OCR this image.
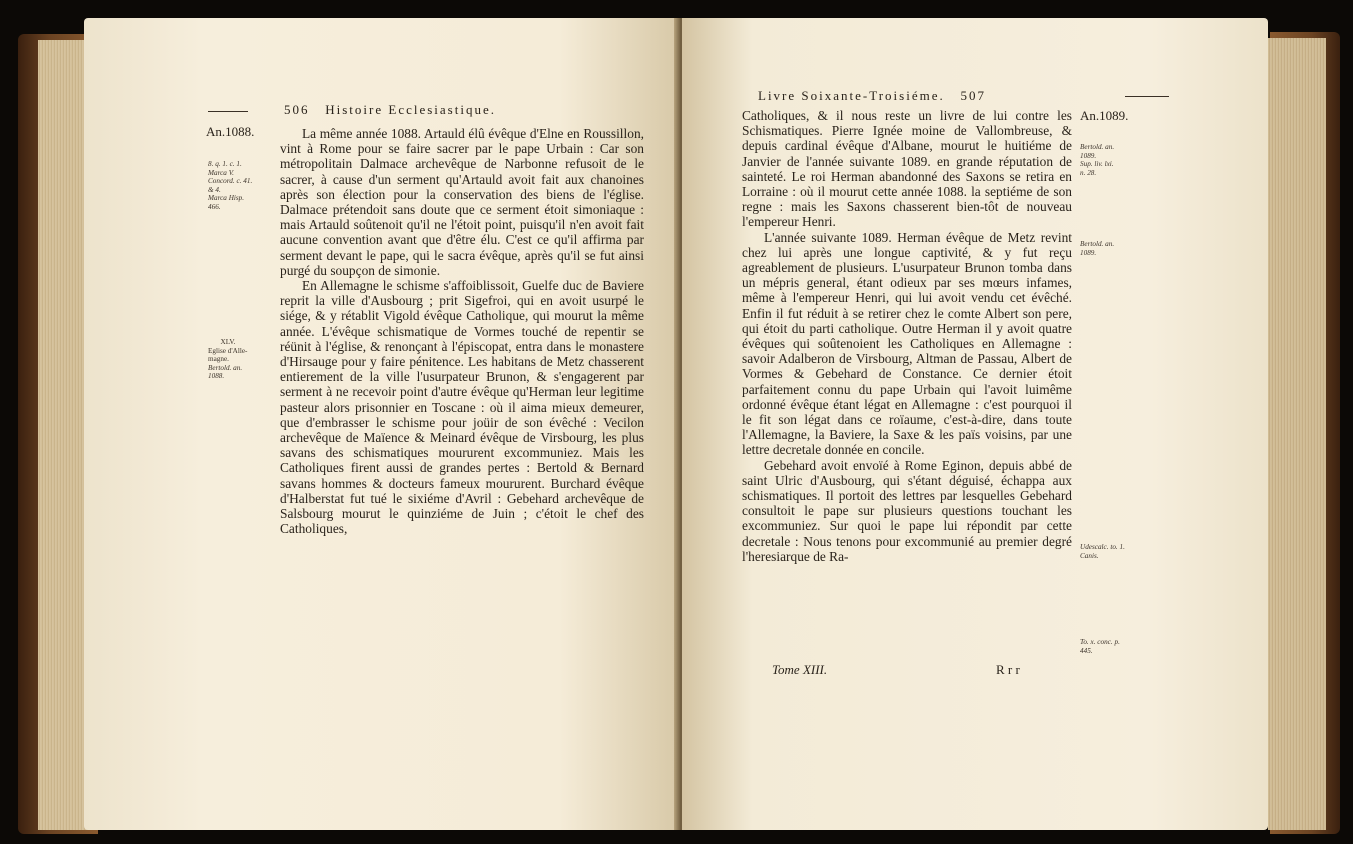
506 Histoire Ecclesiastique.
An.1088.
8. q. 1. c. 1.
Marca V.
Concord. c. 41.
& 4.
Marca Hisp.
466.
XLV.
Eglise d'Alle-
magne.
Bertold. an.
1088.

La même année 1088. Artauld élû évêque d'Elne en Roussillon, vint à Rome pour se faire sacrer par le pape Urbain : Car son métropolitain Dalmace archevêque de Narbonne refusoit de le sacrer, à cause d'un serment qu'Artauld avoit fait aux chanoines après son élection pour la conservation des biens de l'église. Dalmace prétendoit sans doute que ce serment étoit simoniaque : mais Artauld soûtenoit qu'il ne l'étoit point, puisqu'il n'en avoit fait aucune convention avant que d'être élu. C'est ce qu'il affirma par serment devant le pape, qui le sacra évêque, après qu'il se fut ainsi purgé du soupçon de simonie.

En Allemagne le schisme s'affoiblissoit, Guelfe duc de Baviere reprit la ville d'Ausbourg ; prit Sigefroi, qui en avoit usurpé le siége, & y rétablit Vigold évêque Catholique, qui mourut la même année. L'évêque schismatique de Vormes touché de repentir se réünit à l'église, & renonçant à l'épiscopat, entra dans le monastere d'Hirsauge pour y faire pénitence. Les habitans de Metz chasserent entierement de la ville l'usurpateur Brunon, & s'engagerent par serment à ne recevoir point d'autre évêque qu'Herman leur legitime pasteur alors prisonnier en Toscane : où il aima mieux demeurer, que d'embrasser le schisme pour joüir de son évêché : Vecilon archevêque de Maïence & Meinard évêque de Virsbourg, les plus savans des schismatiques moururent excommuniez. Mais les Catholiques firent aussi de grandes pertes : Bertold & Bernard savans hommes & docteurs fameux moururent. Burchard évêque d'Halberstat fut tué le sixiéme d'Avril : Gebehard archevêque de Salsbourg mourut le quinziéme de Juin ; c'étoit le chef des Catholiques,

Livre Soixante-Troisiéme. 507
An.1089.
Bertold. an.
1089.
Sup. liv. lxi.
n. 28.
Bertold. an.
1089.
Udescalc. to. 1.
Canis.
To. x. conc. p.
445.

Catholiques, & il nous reste un livre de lui contre les Schismatiques. Pierre Ignée moine de Vallombreuse, & depuis cardinal évêque d'Albane, mourut le huitiéme de Janvier de l'année suivante 1089. en grande réputation de sainteté. Le roi Herman abandonné des Saxons se retira en Lorraine : où il mourut cette année 1088. la septiéme de son regne : mais les Saxons chasserent bien-tôt de nouveau l'empereur Henri.

L'année suivante 1089. Herman évêque de Metz revint chez lui après une longue captivité, & y fut reçu agreablement de plusieurs. L'usurpateur Brunon tomba dans un mépris general, étant odieux par ses mœurs infames, même à l'empereur Henri, qui lui avoit vendu cet évêché. Enfin il fut réduit à se retirer chez le comte Albert son pere, qui étoit du parti catholique. Outre Herman il y avoit quatre évêques qui soûtenoient les Catholiques en Allemagne : savoir Adalberon de Virsbourg, Altman de Passau, Albert de Vormes & Gebehard de Constance. Ce dernier étoit parfaitement connu du pape Urbain qui l'avoit luimême ordonné évêque étant légat en Allemagne : c'est pourquoi il le fit son légat dans ce roïaume, c'est-à-dire, dans toute l'Allemagne, la Baviere, la Saxe & les païs voisins, par une lettre decretale donnée en concile.

Gebehard avoit envoïé à Rome Eginon, depuis abbé de saint Ulric d'Ausbourg, qui s'étant déguisé, échappa aux schismatiques. Il portoit des lettres par lesquelles Gebehard consultoit le pape sur plusieurs questions touchant les excommuniez. Sur quoi le pape lui répondit par cette decretale : Nous tenons pour excommunié au premier degré l'heresiarque de Ra-

Tome XIII.	R r r
